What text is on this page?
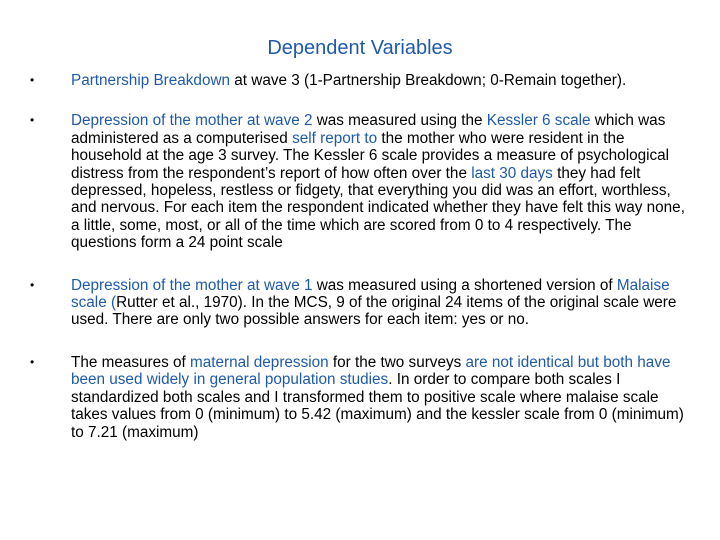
Dependent Variables
• Partnership Breakdown at wave 3 (1-Partnership Breakdown; 0-Remain together).
• Depression of the mother at wave 2 was measured using the Kessler 6 scale which was administered as a computerised self report to the mother who were resident in the household at the age 3 survey. The Kessler 6 scale provides a measure of psychological distress from the respondent’s report of how often over the last 30 days they had felt depressed, hopeless, restless or fidgety, that everything you did was an effort, worthless, and nervous. For each item the respondent indicated whether they have felt this way none, a little, some, most, or all of the time which are scored from 0 to 4 respectively. The questions form a 24 point scale
• Depression of the mother at wave 1 was measured using a shortened version of Malaise scale (Rutter et al., 1970). In the MCS, 9 of the original 24 items of the original scale were used. There are only two possible answers for each item: yes or no.
• The measures of maternal depression for the two surveys are not identical but both have been used widely in general population studies. In order to compare both scales I standardized both scales and I transformed them to positive scale where malaise scale takes values from 0 (minimum) to 5.42 (maximum) and the kessler scale from 0 (minimum) to 7.21 (maximum)
